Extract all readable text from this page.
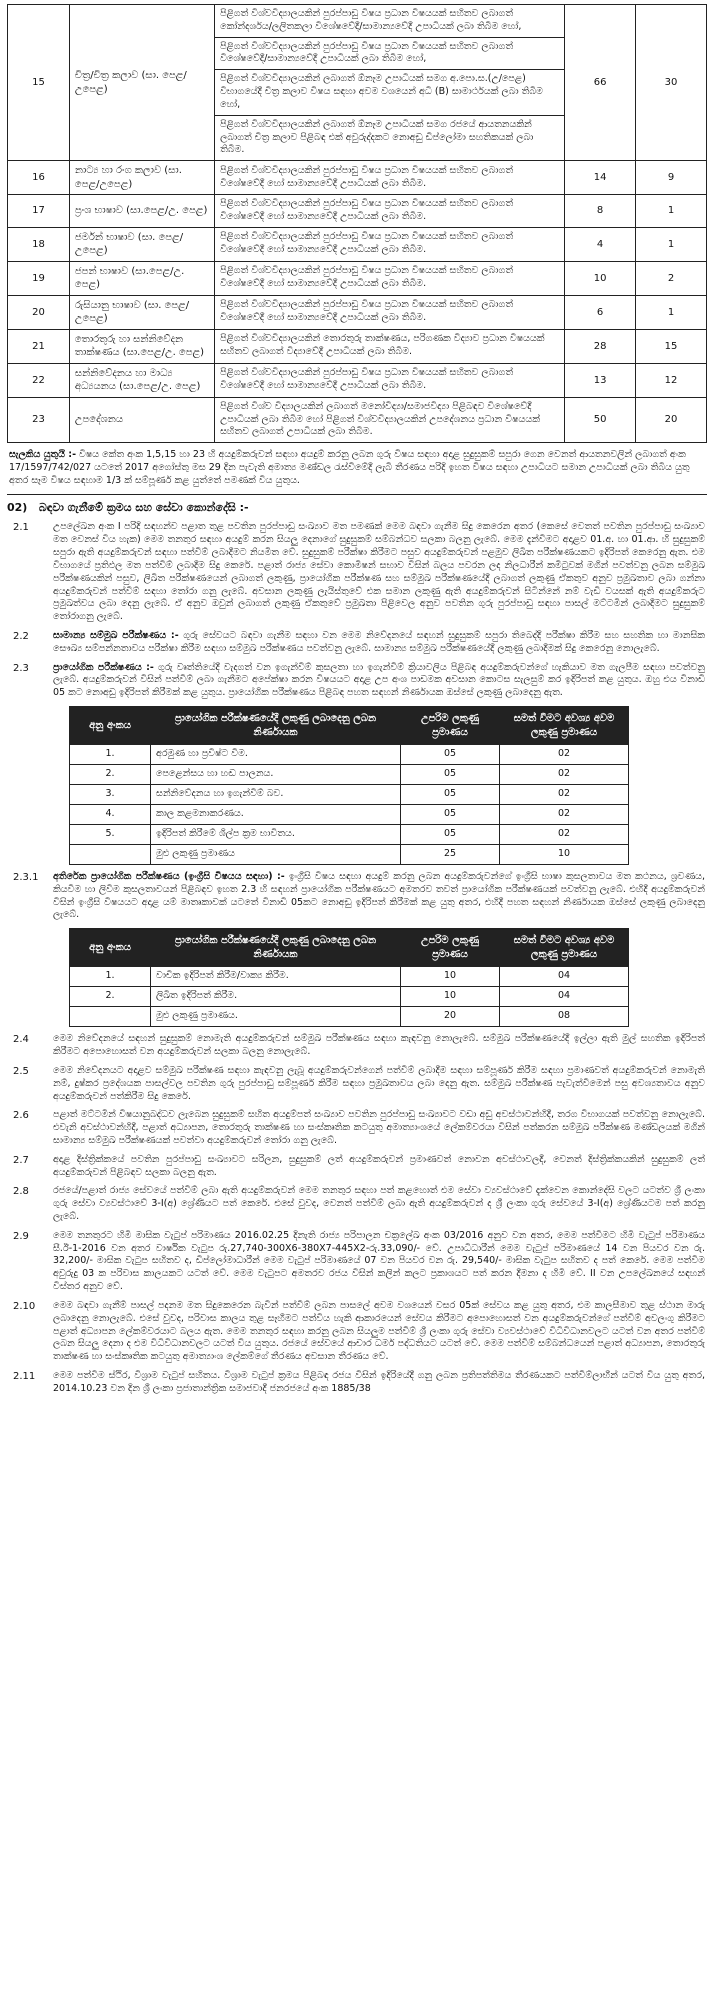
15	චිත්‍ර/චිත්‍ර කලාව (සා. පෙළ/උපෙළ)	පිළිගත් විශ්වවිද්‍යාලයකින් පුරප්පාඩු විෂය ප්‍රධාන විෂයයක් සහිතව ලබාගත් කෝන්දර්ශය/ලලිතකලා විශේෂවේදී/සාමාන්‍යවේදී උපාධියක් ලබා තිබීම හෝ,	66	30
		පිළිගත් විශ්වවිද්‍යාලයකින් පුරප්පාඩු විෂය ප්‍රධාන විෂයයක් සහිතව ලබාගත් විශේෂවේදී/සාමාන්‍යවේදී උපාධියක් ලබා තිබීම හෝ,		
		පිළිගත් විශ්වවිද්‍යාලයකින් ලබාගත් ඕනෑම උපාධියක් සමග අ.පො.ස.(උ/පෙළ) විභාගයේදී චිත්‍ර කලාව විෂය සඳහා අවම වශයෙන් අධි (B) සාමාර්ථයක් ලබා තිබීම හෝ,		
		පිළිගත් විශ්වවිද්‍යාලයකින් ලබාගත් ඕනෑම උපාධියක් සමග රජයේ ආයතනයකින් ලබාගත් චිත්‍ර කලාව පිළිබඳ එක් අවුරුද්දකට නොඅඩු ඩිප්ලෝමා සහතිකයක් ලබා තිබීම.		
16	නාට්‍ය හා රංග කලාව (සා. පෙළ/උපෙළ)	පිළිගත් විශ්වවිද්‍යාලයකින් පුරප්පාඩු විෂය ප්‍රධාන විෂයයක් සහිතව ලබාගත් විශේෂවේදී හෝ සාමාන්‍යවේදී උපාධියක් ලබා තිබීම.	14	9
17	ප්‍රංශ භාෂාව (සා.පෙළ/උ. පෙළ)	පිළිගත් විශ්වවිද්‍යාලයකින් පුරප්පාඩු විෂය ප්‍රධාන විෂයයක් සහිතව ලබාගත් විශේෂවේදී හෝ සාමාන්‍යවේදී උපාධියක් ලබා තිබීම.	8	1
18	ජර්මන් භාෂාව (සා. පෙළ/උපෙළ)	පිළිගත් විශ්වවිද්‍යාලයකින් පුරප්පාඩු විෂය ප්‍රධාන විෂයයක් සහිතව ලබාගත් විශේෂවේදී හෝ සාමාන්‍යවේදී උපාධියක් ලබා තිබීම.	4	1
19	ජපන් භාෂාව (සා.පෙළ/උ. පෙළ)	පිළිගත් විශ්වවිද්‍යාලයකින් පුරප්පාඩු විෂය ප්‍රධාන විෂයයක් සහිතව ලබාගත් විශේෂවේදී හෝ සාමාන්‍යවේදී උපාධියක් ලබා තිබීම.	10	2
20	රුසියානු භාෂාව (සා. පෙළ/උපෙළ)	පිළිගත් විශ්වවිද්‍යාලයකින් පුරප්පාඩු විෂය ප්‍රධාන විෂයයක් සහිතව ලබාගත් විශේෂවේදී හෝ සාමාන්‍යවේදී උපාධියක් ලබා තිබීම.	6	1
21	තොරතුරු හා සන්නිවේදන තාක්ෂණය (සා.පෙළ/උ. පෙළ)	පිළිගත් විශ්වවිද්‍යාලයකින් තොරතුරු තාක්ෂණය, පරිගණක විද්‍යාව ප්‍රධාන විෂයයක් සහිතව ලබාගත් විද්‍යාවේදී උපාධියක් ලබා තිබීම.	28	15
22	සන්නිවේදනය හා මාධ්‍ය අධ්‍යයනය (සා.පෙළ/උ. පෙළ)	පිළිගත් විශ්වවිද්‍යාලයකින් පුරප්පාඩු විෂය ප්‍රධාන විෂයයක් සහිතව ලබාගත් විශේෂවේදී හෝ සාමාන්‍යවේදී උපාධියක් ලබා තිබීම.	13	12
23	උපදේශනය	පිළිගත් විශ්ව විද්‍යාලයකින් ලබාගත් මනෝවිද්‍යා/සමාජවිද්‍යා පිළිබඳව විශේෂවේදී උපාධියක් ලබා තිබීම හෝ පිළිගත් විශ්වවිද්‍යාලයකින් උපදේශනය ප්‍රධාන විෂයයක් සහිතව ලබාගත් උපාධියක් ලබා තිබීම.	50	20
සැලකිය යුතුයි :- විෂය කේත අංක 1,5,15 හා 23 හි අයදුම්කරුවන් සඳහා අයදුම් කරනු ලබන ගුරු විෂය සඳහා අදාළ සුදුසුකම් සපුරා ගෙන වෙනත් ආයතනවලින් ලබාගත් අංක 17/1597/742/027 යටතේ 2017 අගෝස්තු මස 29 දින පැවැති අමාත්‍ය මණ්ඩල රැස්වීමේදී ලැබී තීරණය පරිදි ඉහත විෂය සඳහා උපාධියට සමාන උපාධියක් ලබා තිබිය යුතු අතර සෑම විෂය සඳහාම 1/3 ක් සම්පූර්ණ කළ යුත්තේ පමණක් විය යුතුය.
02) බඳවා ගැනීමේ ක්‍රමය සහ සේවා කොන්දේසි :-
2.1	උපලේඛන අංක I පරිදි සඳහන්ව පළාත තුළ පවතින පුරප්පාඩු සංඛ්‍යාව මත පමණක් මෙම බඳවා ගැනීම සිදු කෙරෙන අතර (කෙසේ වෙතත් පවතින පුරප්පාඩු සංඛ්‍යාව මත වෙනස් විය හැක) මෙම තනතුර සඳහා අයදුම් කරන සියලු දෙනාගේ සුදුසුකම් සම්බන්ධව සලකා බලනු ලැබේ. මෙම දැන්වීමට අදාළව 01.අ. හා 01.ආ. හි සුදුසුකම් සපුරා ඇති අයදුම්කරුවන් සඳහා පත්වීම් ලබාදීමට නියමිත වේ. සුදුසුකම් පරීක්ෂා කිරීමට පසුව අයදුම්කරුවන් පළමුව ලිඛිත පරීක්ෂණයකට ඉදිරිපත් කෙරෙනු ඇත. එම විභාගයේ ප්‍රතිඵල මත පත්වීම් ලබාදීම සිදු කෙරේ. පළාත් රාජ්‍ය සේවා කොමිෂන් සභාව විසින් බලය පවරන ලද නිලධාරීන් කමිටුවක් මගින් පවත්වනු ලබන සම්මුඛ පරීක්ෂණයකින් පසුව, ලිඛිත පරීක්ෂණයෙන් ලබාගත් ලකුණු, ප්‍රායෝගික පරීක්ෂණ සහ සම්මුඛ පරීක්ෂණයේදී ලබාගත් ලකුණු ඒකතුව අනුව ප්‍රමුඛතාව ලබා ගන්නා අයදුම්කරුවන් පත්වීම් සඳහා තෝරා ගනු ලැබේ. අවසාන ලකුණු ලැයිස්තුවේ එක සමාන ලකුණු ඇති අයදුම්කරුවන් සිටින්නේ නම් වැඩි වයසක් ඇති අයදුම්කරුට ප්‍රමුඛත්වය ලබා දෙනු ලැබේ. ඒ අනුව ඔවුන් ලබාගත් ලකුණු ඒකතුවේ ප්‍රමුඛතා පිළිවෙල අනුව පවතින ගුරු පුරප්පාඩු සඳහා පාසල් මට්ටමින් ලබාදීමට සුදුසුකම් තෝරාගනු ලැබේ.
2.2	සාමාන්‍ය සම්මුඛ පරීක්ෂණය :- ගුරු සේවයට බඳවා ගැනීම සඳහා වන මෙම නිවේදනයේ සඳහන් සුදුසුකම් සපුරා තිබෙද්දි පරීක්ෂා කිරීම සහ සහතික හා මානසික සෞඛ්‍ය සම්පන්නතාවය පරීක්ෂා කිරීම සඳහා සම්මුඛ පරීක්ෂණය පවත්වනු ලැබේ. සාමාන්‍ය සම්මුඛ පරීක්ෂණයේදී ලකුණු ලබාදීමක් සිදු කෙරෙනු නොලැබේ.
2.3	ප්‍රායෝගික පරීක්ෂණය :- ගුරු වෘත්තියේදී වැදගත් වන ඉගැන්වීම් කුසලතා හා ඉගැන්වීම් ක්‍රියාවලිය පිළිබඳ අයදුම්කරුවන්ගේ හැකියාව මත ගැලපීම සඳහා පවත්වනු ලැබේ. අයදුම්කරුවන් විසින් පත්වීම් ලබා ගැනීමට අපේක්ෂා කරන විෂයයට අදාළ උප අංශ පාඩමක අවසාන කොටස සැලසුම් කර ඉදිරිපත් කළ යුතුය. ඔහු එය විනාඩි 05 කට නොඅඩු ඉදිරිපත් කිරීමක් කළ යුතුය. ප්‍රායෝගික පරීක්ෂණය පිළිබඳ පහත සඳහන් නිර්ණායක ඔස්සේ ලකුණු ලබාදෙනු ඇත.
අනු අංකය	ප්‍රායෝගික පරීක්ෂණයේදී ලකුණු ලබාදෙනු ලබන නිර්ණායක	උපරිම ලකුණු ප්‍රමාණය	සමත් වීමට අවශ්‍ය අවම ලකුණු ප්‍රමාණය
1.	අරමුණ හා ප්‍රවිෂ්ට වීම.	05	02
2.	පෙළෙන්සය හා හඬ පාලනය.	05	02
3.	සන්නිවේදනය හා ඉගැන්වීම් බව.	05	02
4.	කාල කළමනාකරණය.	05	02
5.	ඉදිරිපත් කිරීමේ ශිල්ප ක්‍රම භාවිතය.	05	02
	මුළු ලකුණු ප්‍රමාණය	25	10
2.3.1	අතිරේක ප්‍රායෝගික පරීක්ෂණය (ඉංග්‍රීසි විෂයය සඳහා) :- ඉංග්‍රීසි විෂය සඳහා අයදුම් කරනු ලබන අයදුම්කරුවන්ගේ ඉංග්‍රීසි භාෂා කුසලතාවය මත කථනය, ශ්‍රවණය, කියවීම හා ලිවීම කුසලතාවයන් පිළිබඳව ඉහත 2.3 හි සඳහන් ප්‍රායෝගික පරීක්ෂණයට අමතරව තවත් ප්‍රායෝගික පරීක්ෂණයක් පවත්වනු ලැබේ. එහිදී අයදුම්කරුවන් විසින් ඉංග්‍රීසි විෂයයට අදාළ යම් මාතෘකාවක් යටතේ විනාඩි 05කට නොඅඩු ඉදිරිපත් කිරීමක් කළ යුතු අතර, එහිදී පහත සඳහන් නිර්ණායක ඔස්සේ ලකුණු ලබාදෙනු ලැබේ.
අනු අංකය	ප්‍රායෝගික පරීක්ෂණයේදී ලකුණු ලබාදෙනු ලබන නිර්ණායක	උපරිම ලකුණු ප්‍රමාණය	සමත් වීමට අවශ්‍ය අවම ලකුණු ප්‍රමාණය
1.	වාචික ඉදිරිපත් කිරීම/වාක්‍ය කිරීම.	10	04
2.	ලිඛිත ඉදිරිපත් කිරීම.	10	04
	මුළු ලකුණු ප්‍රමාණය.	20	08
2.4	මෙම නිවේදනයේ සඳහන් සුදුසුකම් නොමැති අයදුම්කරුවන් සම්මුඛ පරීක්ෂණය සඳහා කැඳවනු නොලැබේ. සම්මුඛ පරීක්ෂණයේදී ඉල්ලා ඇති මුල් සහතික ඉදිරිපත් කිරීමට අපොහොසත් වන අයදුම්කරුවන් සලකා බලනු නොලැබේ.
2.5	මෙම නිවේදනයට අදාළව සම්මුඛ පරීක්ෂණ සඳහා කැඳවනු ලැබූ අයදුම්කරුවන්ගෙන් පත්වීම් ලබාදීම සඳහා සම්පූර්ණ කිරීම සඳහා ප්‍රමාණවත් අයදුම්කරුවන් නොමැති නම්, දුෂ්කර ප්‍රදේශයක පාසල්වල පවතින ගුරු පුරප්පාඩු සම්පූර්ණ කිරීම සඳහා ප්‍රමුඛතාවය ලබා දෙනු ඇත. සම්මුඛ පරීක්ෂණ පැවැත්වීමෙන් පසු අවශ්‍යතාවය අනුව අයදුම්කරුවන් පත්කිරීම සිදු කෙරේ.
2.6	පළාත් මට්ටමින් විෂයානුබද්ධව ලැබෙන සුදුසුකම් සහිත අයදුම්පත් සංඛ්‍යාව පවතින පුරප්පාඩු සංඛ්‍යාවට වඩා අඩු අවස්ථාවන්හිදී, තරග විභාගයක් පවත්වනු නොලැබේ. එවැනි අවස්ථාවන්හිදී, පළාත් අධ්‍යාපන, තොරතුරු තාක්ෂණ හා සංස්කෘතික කටයුතු අමාත්‍යාංශයේ ලේකම්වරයා විසින් පත්කරන සම්මුඛ පරීක්ෂණ මණ්ඩලයක් මගින් සාමාන්‍ය සම්මුඛ පරීක්ෂණයක් පවත්වා අයදුම්කරුවන් තෝරා ගනු ලැබේ.
2.7	අදාළ දිස්ත්‍රික්කයේ පවතින පුරප්පාඩු සංඛ්‍යාවට සරිලන, සුදුසුකම් ලත් අයදුම්කරුවන් ප්‍රමාණවත් නොවන අවස්ථාවලදී, වෙනත් දිස්ත්‍රික්කයකින් සුදුසුකම් ලත් අයදුම්කරුවන් පිළිබඳව සලකා බලනු ඇත.
2.8	රජයේ/පළාත් රාජ්‍ය සේවයේ පත්වීම් ලබා ඇති අයදුම්කරුවන් මෙම තනතුර සඳහා පත් කළහොත් එම සේවා ව්‍යවස්ථාවේ දැක්වෙන කොන්දේසි වලට යටත්ව ශ්‍රී ලංකා ගුරු සේවා ව්‍යවස්ථාවේ 3-I(අ) ශ්‍රේණියට පත් කෙරේ. එසේ වුවද, වෙනත් පත්වීම් ලබා ඇති අයදුම්කරුවන් ද ශ්‍රී ලංකා ගුරු සේවයේ 3-I(අ) ශ්‍රේණියටම පත් කරනු ලැබේ.
2.9	මෙම තනතුරට හිමි මාසික වැටුප් පරිමාණය 2016.02.25 දිනැති රාජ්‍ය පරිපාලන චක්‍රලේඛ අංක 03/2016 අනුව වන අතර, මෙම පත්වීමට හිමි වැටුප් පරිමාණය සී.ඊ-1-2016 වන අතර වාර්ෂික වැටුප රු.27,740-300X6-380X7-445X2-රු.33,090/- වේ. උපාධිධාරීන් මෙම වැටුප් පරිමාණයේ 14 වන පියවර වන රු. 32,200/- මාසික වැටුප සහිතව ද, ඩිප්ලෝමාධාරීන් මෙම වැටුප් පරිමාණයේ 07 වන පියවර වන රු. 29,540/- මාසික වැටුප සහිතව ද පත් කෙරේ. මෙම පත්වීම අවුරුදු 03 ක පරිවාස කාලයකට යටත් වේ. මෙම වැටුපට අමතරව රජය විසින් කලින් කලට ප්‍රකාශයට පත් කරන දීමනා ද හිමි වේ. II වන උපලේඛනයේ සඳහන් විස්තර අනුව වේ.
2.10	මෙම බඳවා ගැනීම් පාසල් පදනම මත සිදුකෙරෙන බැවින් පත්වීම් ලබන පාසලේ අවම වශයෙන් වසර 05ක් සේවය කළ යුතු අතර, එම කාලසීමාව තුළ ස්ථාන මාරු ලබාදෙනු නොලැබේ. එසේ වුවද, පරිවාස කාලය තුළ සෑහීමට පත්විය හැකි ආකාරයෙන් සේවය කිරීමට අපොහොසත් වන අයදුම්කරුවන්ගේ පත්වීම් අවලංගු කිරීමට පළාත් අධ්‍යාපන ලේකම්වරයාට බලය ඇත. මෙම තනතුර සඳහා කරනු ලබන සියලුම පත්වීම් ශ්‍රී ලංකා ගුරු සේවා ව්‍යවස්ථාවේ විධිවිධානවලට යටත් වන අතර පත්වීම් ලබන සියලු දෙනා ද එම විධිවිධානවලට යටත් විය යුතුය. රජයේ සේවයේ ආචාර ධර්ම පද්ධතියට යටත් වේ. මෙම පත්වීම් සම්බන්ධයෙන් පළාත් අධ්‍යාපන, තොරතුරු තාක්ෂණ හා සංස්කෘතික කටයුතු අමාත්‍යාංශ ලේකම්ගේ තීරණය අවසාන තීරණය වේ.
2.11	මෙම පත්වීම ස්ථිර, විශ්‍රාම වැටුප් සහිතය. විශ්‍රාම වැටුප් ක්‍රමය පිළිබඳ රජය විසින් ඉදිරියේදී ගනු ලබන ප්‍රතිපත්තිමය තීරණයකට පත්වීම්ලාභීන් යටත් විය යුතු අතර, 2014.10.23 වන දින ශ්‍රී ලංකා ප්‍රජාතාන්ත්‍රික සමාජවාදී ජනරජයේ අංක 1885/38
